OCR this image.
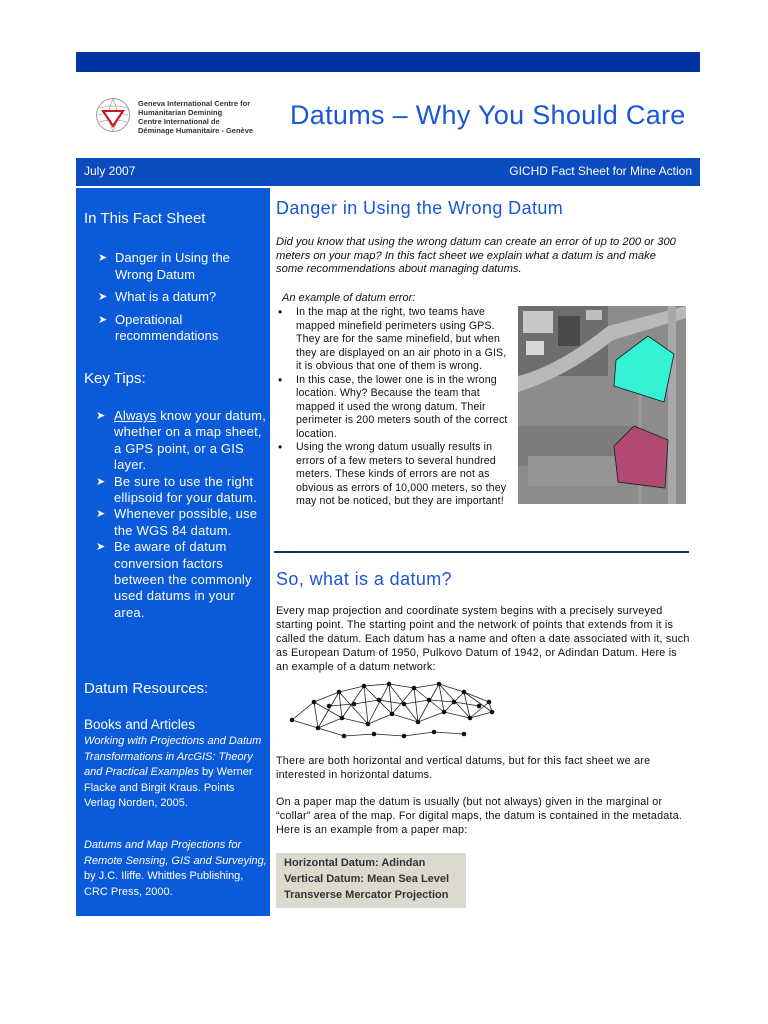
Geneva International Centre for
Humanitarian Demining
Centre International de
Déminage Humanitaire - Genève
Datums – Why You Should Care
July 2007	GICHD Fact Sheet for Mine Action
In This Fact Sheet
➤ Danger in Using the Wrong Datum
➤ What is a datum?
➤ Operational recommendations
Key Tips:
➤ Always know your datum, whether on a map sheet, a GPS point, or a GIS layer.
➤ Be sure to use the right ellipsoid for your datum.
➤ Whenever possible, use the WGS 84 datum.
➤ Be aware of datum conversion factors between the commonly used datums in your area.
Datum Resources:
Books and Articles
Working with Projections and Datum Transformations in ArcGIS: Theory and Practical Examples by Werner Flacke and Birgit Kraus. Points Verlag Norden, 2005.
Datums and Map Projections for Remote Sensing, GIS and Surveying, by J.C. Iliffe. Whittles Publishing, CRC Press, 2000.
Danger in Using the Wrong Datum
Did you know that using the wrong datum can create an error of up to 200 or 300 meters on your map? In this fact sheet we explain what a datum is and make some recommendations about managing datums.
An example of datum error:
• In the map at the right, two teams have mapped minefield perimeters using GPS. They are for the same minefield, but when they are displayed on an air photo in a GIS, it is obvious that one of them is wrong.
• In this case, the lower one is in the wrong location. Why? Because the team that mapped it used the wrong datum. Their perimeter is 200 meters south of the correct location.
• Using the wrong datum usually results in errors of a few meters to several hundred meters. These kinds of errors are not as obvious as errors of 10,000 meters, so they may not be noticed, but they are important!
So, what is a datum?
Every map projection and coordinate system begins with a precisely surveyed starting point. The starting point and the network of points that extends from it is called the datum. Each datum has a name and often a date associated with it, such as European Datum of 1950, Pulkovo Datum of 1942, or Adindan Datum. Here is an example of a datum network:
There are both horizontal and vertical datums, but for this fact sheet we are interested in horizontal datums.
On a paper map the datum is usually (but not always) given in the marginal or “collar” area of the map. For digital maps, the datum is contained in the metadata. Here is an example from a paper map:
Horizontal Datum: Adindan
Vertical Datum: Mean Sea Level
Transverse Mercator Projection
